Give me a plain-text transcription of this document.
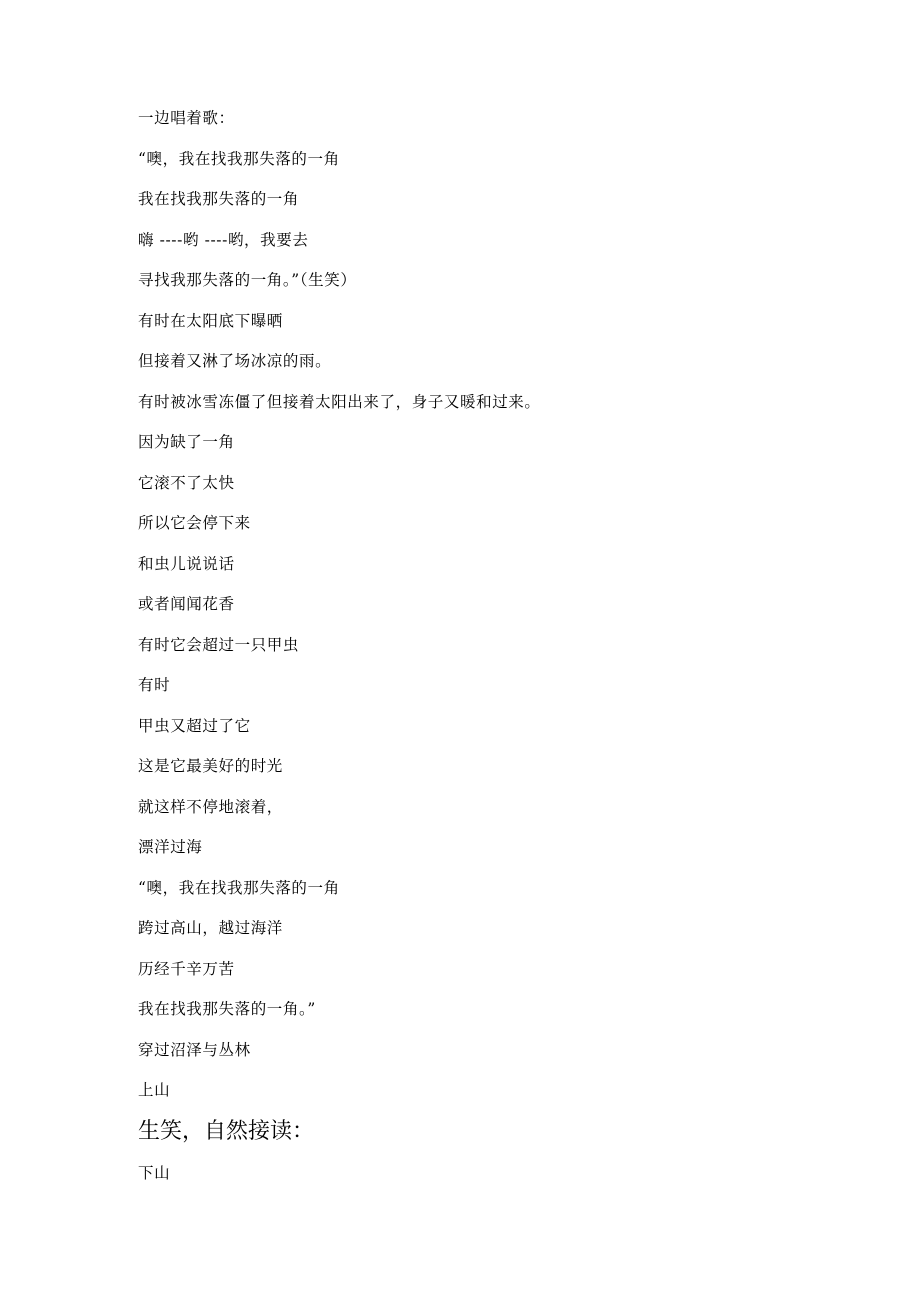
一边唱着歌：
“噢，我在找我那失落的一角
我在找我那失落的一角
嗨 ----哟 ----哟，我要去
寻找我那失落的一角。”（生笑）
有时在太阳底下曝晒
但接着又淋了场冰凉的雨。
有时被冰雪冻僵了但接着太阳出来了，身子又暖和过来。
因为缺了一角
它滚不了太快
所以它会停下来
和虫儿说说话
或者闻闻花香
有时它会超过一只甲虫
有时
甲虫又超过了它
这是它最美好的时光
就这样不停地滚着，
漂洋过海
“噢，我在找我那失落的一角
跨过高山，越过海洋
历经千辛万苦
我在找我那失落的一角。”
穿过沼泽与丛林
上山
生笑，自然接读：
下山
